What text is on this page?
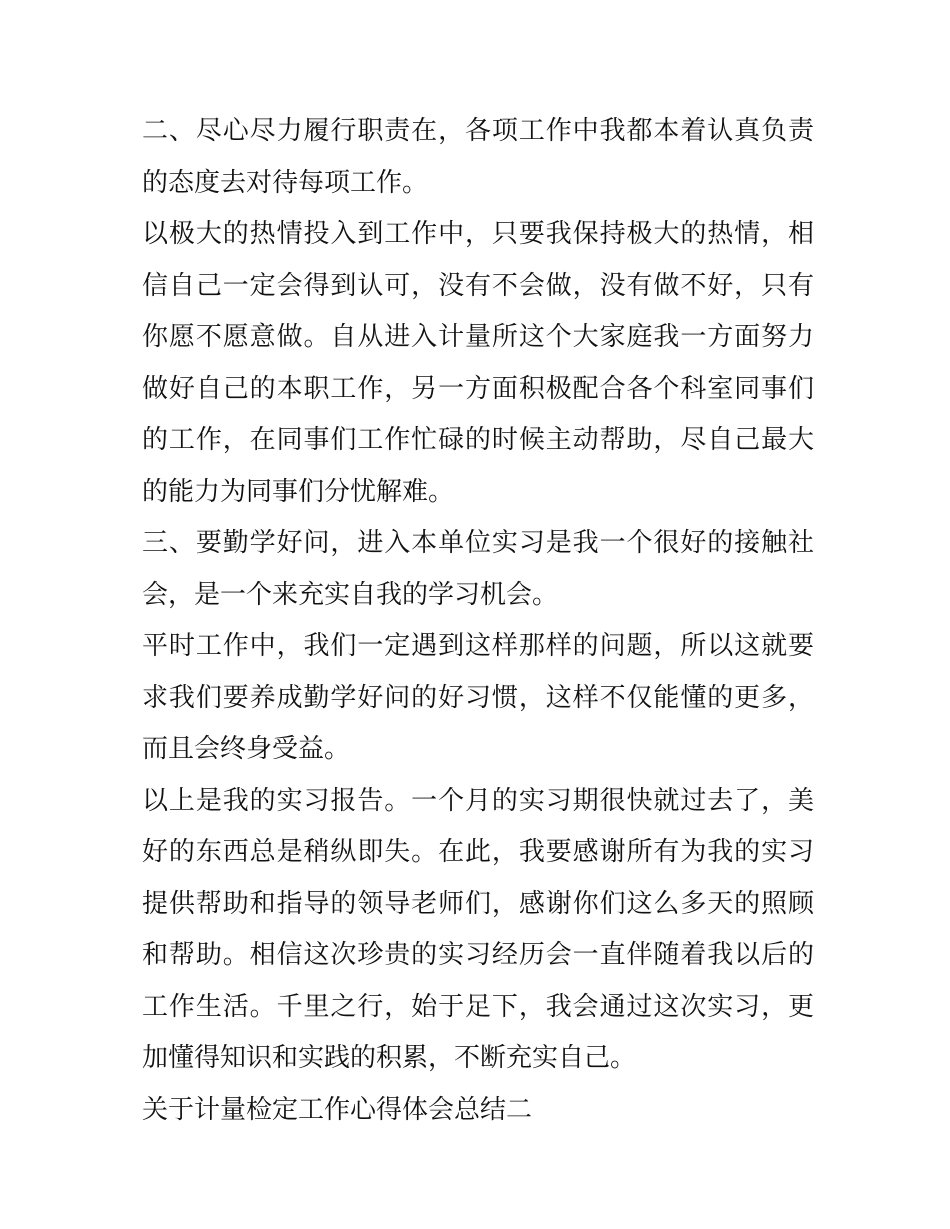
二、尽心尽力履行职责在，各项工作中我都本着认真负责的态度去对待每项工作。

以极大的热情投入到工作中，只要我保持极大的热情，相信自己一定会得到认可，没有不会做，没有做不好，只有你愿不愿意做。自从进入计量所这个大家庭我一方面努力做好自己的本职工作，另一方面积极配合各个科室同事们的工作，在同事们工作忙碌的时候主动帮助，尽自己最大的能力为同事们分忧解难。

三、要勤学好问，进入本单位实习是我一个很好的接触社会，是一个来充实自我的学习机会。

平时工作中，我们一定遇到这样那样的问题，所以这就要求我们要养成勤学好问的好习惯，这样不仅能懂的更多，而且会终身受益。

以上是我的实习报告。一个月的实习期很快就过去了，美好的东西总是稍纵即失。在此，我要感谢所有为我的实习提供帮助和指导的领导老师们，感谢你们这么多天的照顾和帮助。相信这次珍贵的实习经历会一直伴随着我以后的工作生活。千里之行，始于足下，我会通过这次实习，更加懂得知识和实践的积累，不断充实自己。

关于计量检定工作心得体会总结二
